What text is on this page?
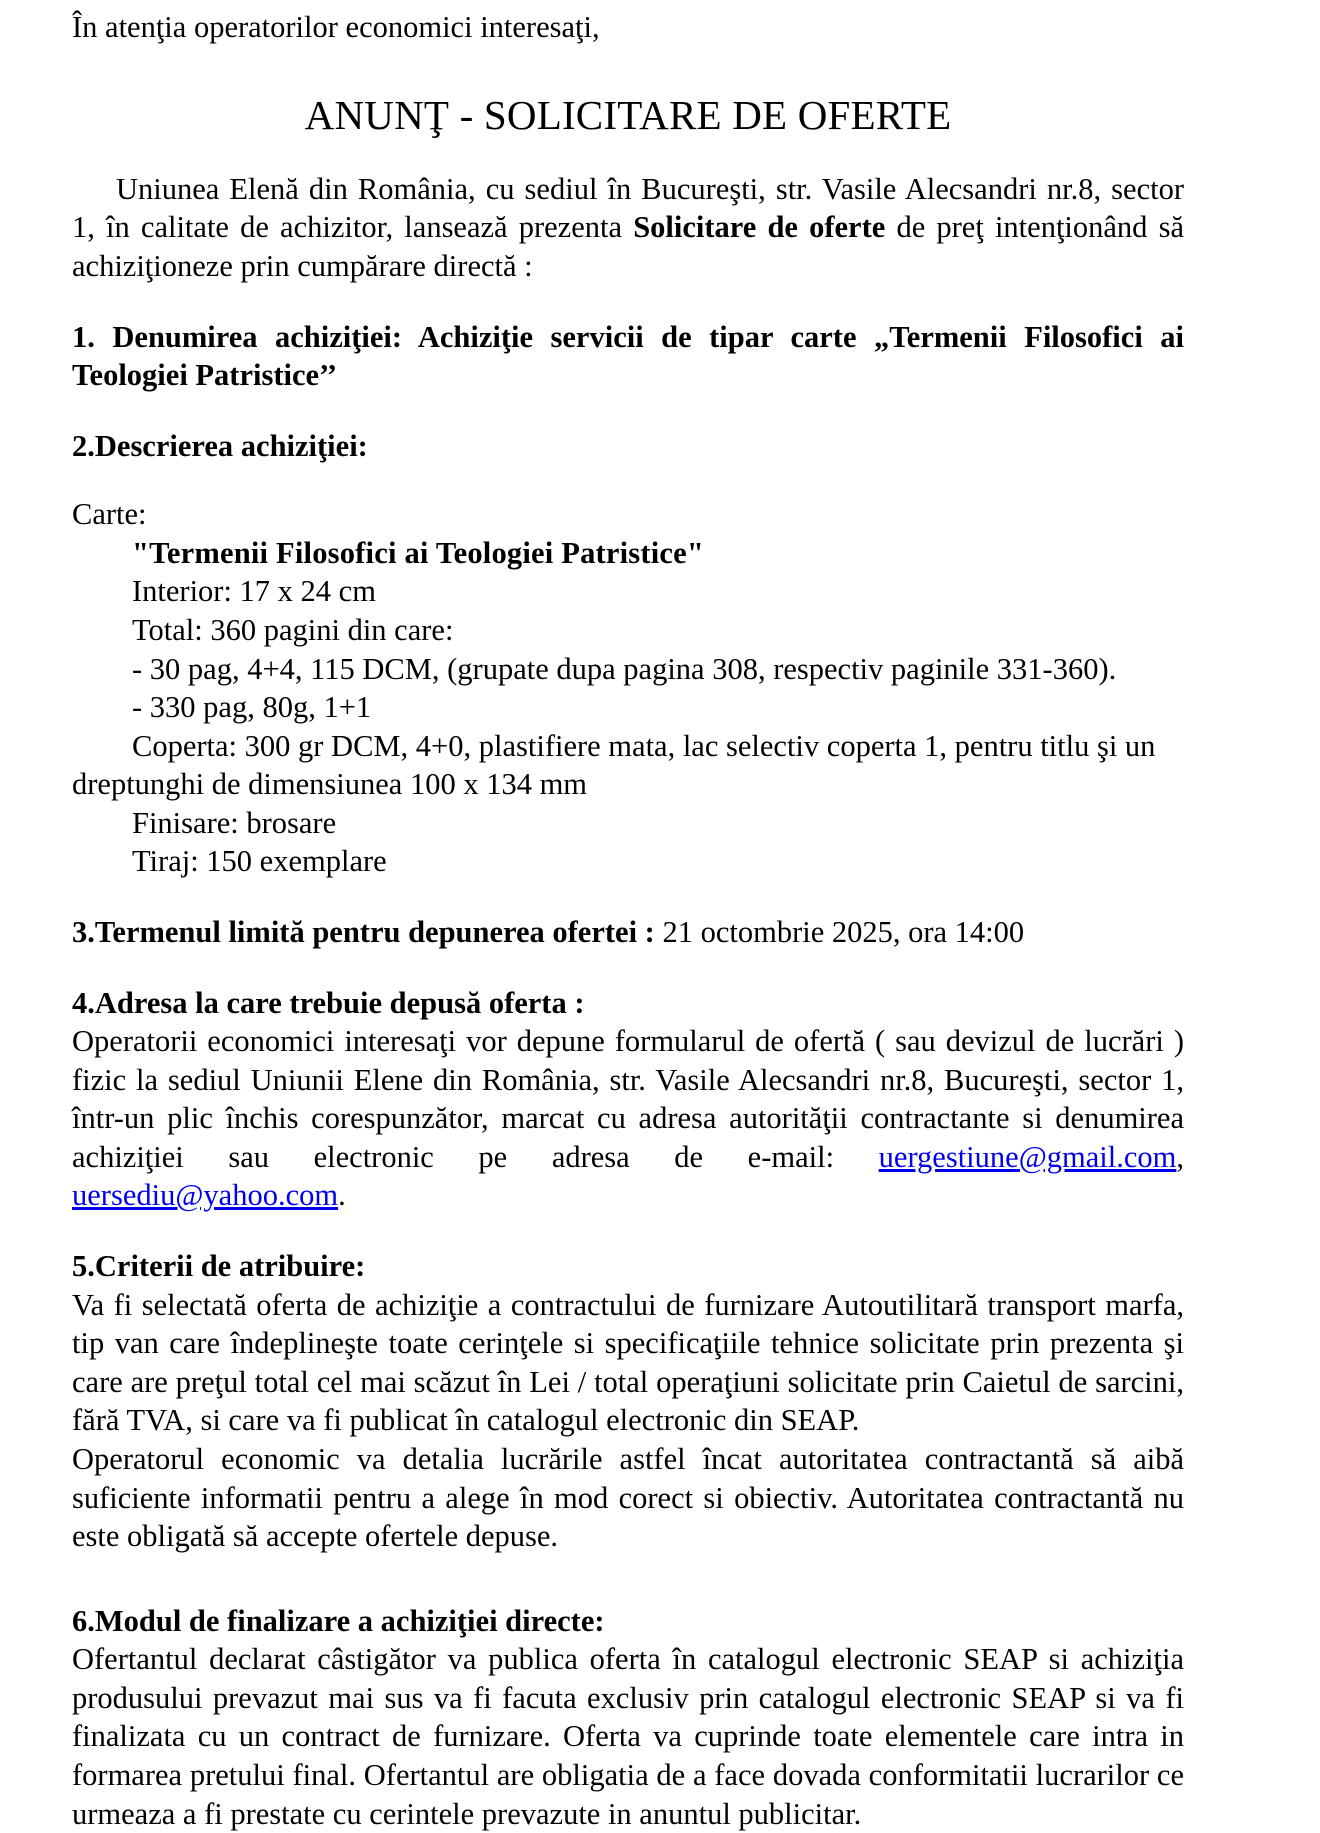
În atenţia operatorilor economici interesaţi,

ANUNŢ - SOLICITARE DE OFERTE

Uniunea Elenă din România, cu sediul în Bucureşti, str. Vasile Alecsandri nr.8, sector 1, în calitate de achizitor, lansează prezenta Solicitare de oferte de preţ intenţionând să achiziţioneze prin cumpărare directă :

1. Denumirea achiziţiei: Achiziţie servicii de tipar carte „Termenii Filosofici ai Teologiei Patristice’’

2.Descrierea achiziţiei:

Carte:

"Termenii Filosofici ai Teologiei Patristice"

Interior: 17 x 24 cm

Total: 360 pagini din care:

- 30 pag, 4+4, 115 DCM, (grupate dupa pagina 308, respectiv paginile 331-360).

- 330 pag, 80g, 1+1

Coperta: 300 gr DCM, 4+0, plastifiere mata, lac selectiv coperta 1, pentru titlu şi un dreptunghi de dimensiunea 100 x 134 mm

Finisare: brosare

Tiraj: 150 exemplare

3.Termenul limită pentru depunerea ofertei : 21 octombrie 2025, ora 14:00

4.Adresa la care trebuie depusă oferta :

Operatorii economici interesaţi vor depune formularul de ofertă ( sau devizul de lucrări ) fizic la sediul Uniunii Elene din România, str. Vasile Alecsandri nr.8, Bucureşti, sector 1, într-un plic închis corespunzător, marcat cu adresa autorităţii contractante si denumirea achiziţiei sau electronic pe adresa de e-mail: uergestiune@gmail.com, uersediu@yahoo.com.

5.Criterii de atribuire:

Va fi selectată oferta de achiziţie a contractului de furnizare Autoutilitară transport marfa, tip van care îndeplineşte toate cerinţele si specificaţiile tehnice solicitate prin prezenta şi care are preţul total cel mai scăzut în Lei / total operaţiuni solicitate prin Caietul de sarcini, fără TVA, si care va fi publicat în catalogul electronic din SEAP.

Operatorul economic va detalia lucrările astfel încat autoritatea contractantă să aibă suficiente informatii pentru a alege în mod corect si obiectiv. Autoritatea contractantă nu este obligată să accepte ofertele depuse.

6.Modul de finalizare a achiziţiei directe:

Ofertantul declarat câstigător va publica oferta în catalogul electronic SEAP si achiziţia produsului prevazut mai sus va fi facuta exclusiv prin catalogul electronic SEAP si va fi finalizata cu un contract de furnizare. Oferta va cuprinde toate elementele care intra in formarea pretului final. Ofertantul are obligatia de a face dovada conformitatii lucrarilor ce urmeaza a fi prestate cu cerintele prevazute in anuntul publicitar.
